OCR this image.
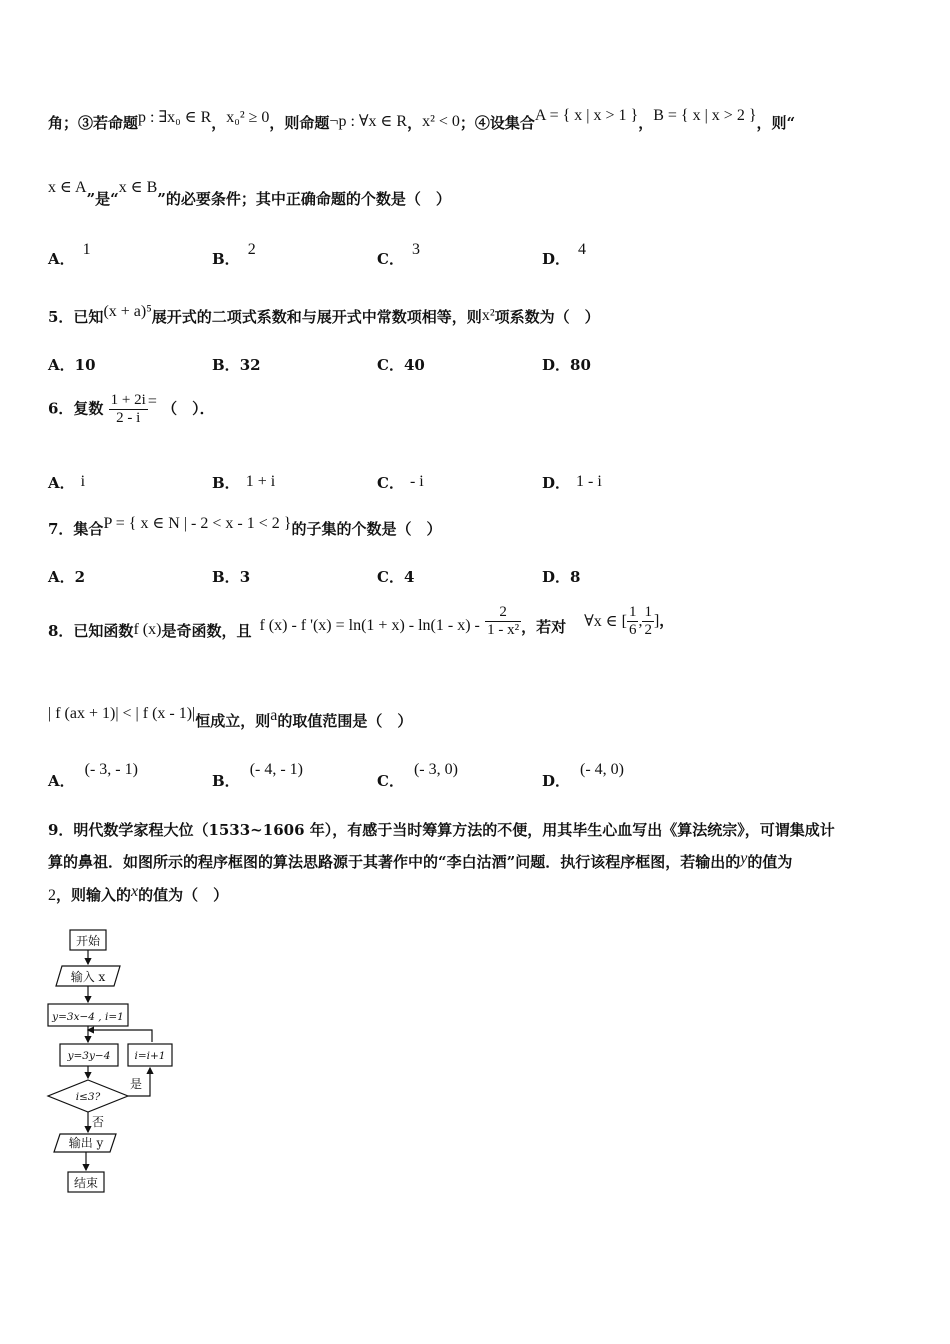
角；③若命题p : ∃x₀ ∈ R，x₀² ≥ 0，则命题¬p : ∀x ∈ R，x² < 0；④设集合A = { x | x > 1 }，B = { x | x > 2 }，则“
x ∈ A”是“x ∈ B”的必要条件；其中正确命题的个数是（　）
A．1
B．2
C．3
D．4
5．已知(x + a)⁵展开式的二项式系数和与展开式中常数项相等，则x²项系数为（　）
A．10	B．32	C．40	D．80
6．复数 $\frac{1 + 2i}{2 - i}$ = （　）．
A． i	B． 1 + i	C． - i	D． 1 - i
7．集合P = { x ∈ N | - 2 < x - 1 < 2 }的子集的个数是（　）
A．2	B．3	C．4	D．8
8．已知函数f (x)是奇函数，且 f (x) - f '$(x) = \ln(1 + x) - \ln(1 - x) - \frac{2}{\text{1 - x²}}$ ，若对 ∀x ∈ [ $\frac{1}{6}$ , $\frac{1}{2}$ ]，
| f (ax + 1)| < | f (x - 1)|恒成立，则a的取值范围是（　）
A．(- 3, - 1)
B．(- 4, - 1)
C．(- 3, 0)
D．(- 4, 0)
9．明代数学家程大位（1533~1606 年），有感于当时筹算方法的不便，用其毕生心血写出《算法统宗》，可谓集成计
算的鼻祖．如图所示的程序框图的算法思路源于其著作中的“李白沽酒”问题．执行该程序框图，若输出的y的值为
2，则输入的x的值为（　）
开始
输入 x
y=3x−4 , i=1
y=3y−4 i=i+1
i≤3?
是
否
输出 y
结束
